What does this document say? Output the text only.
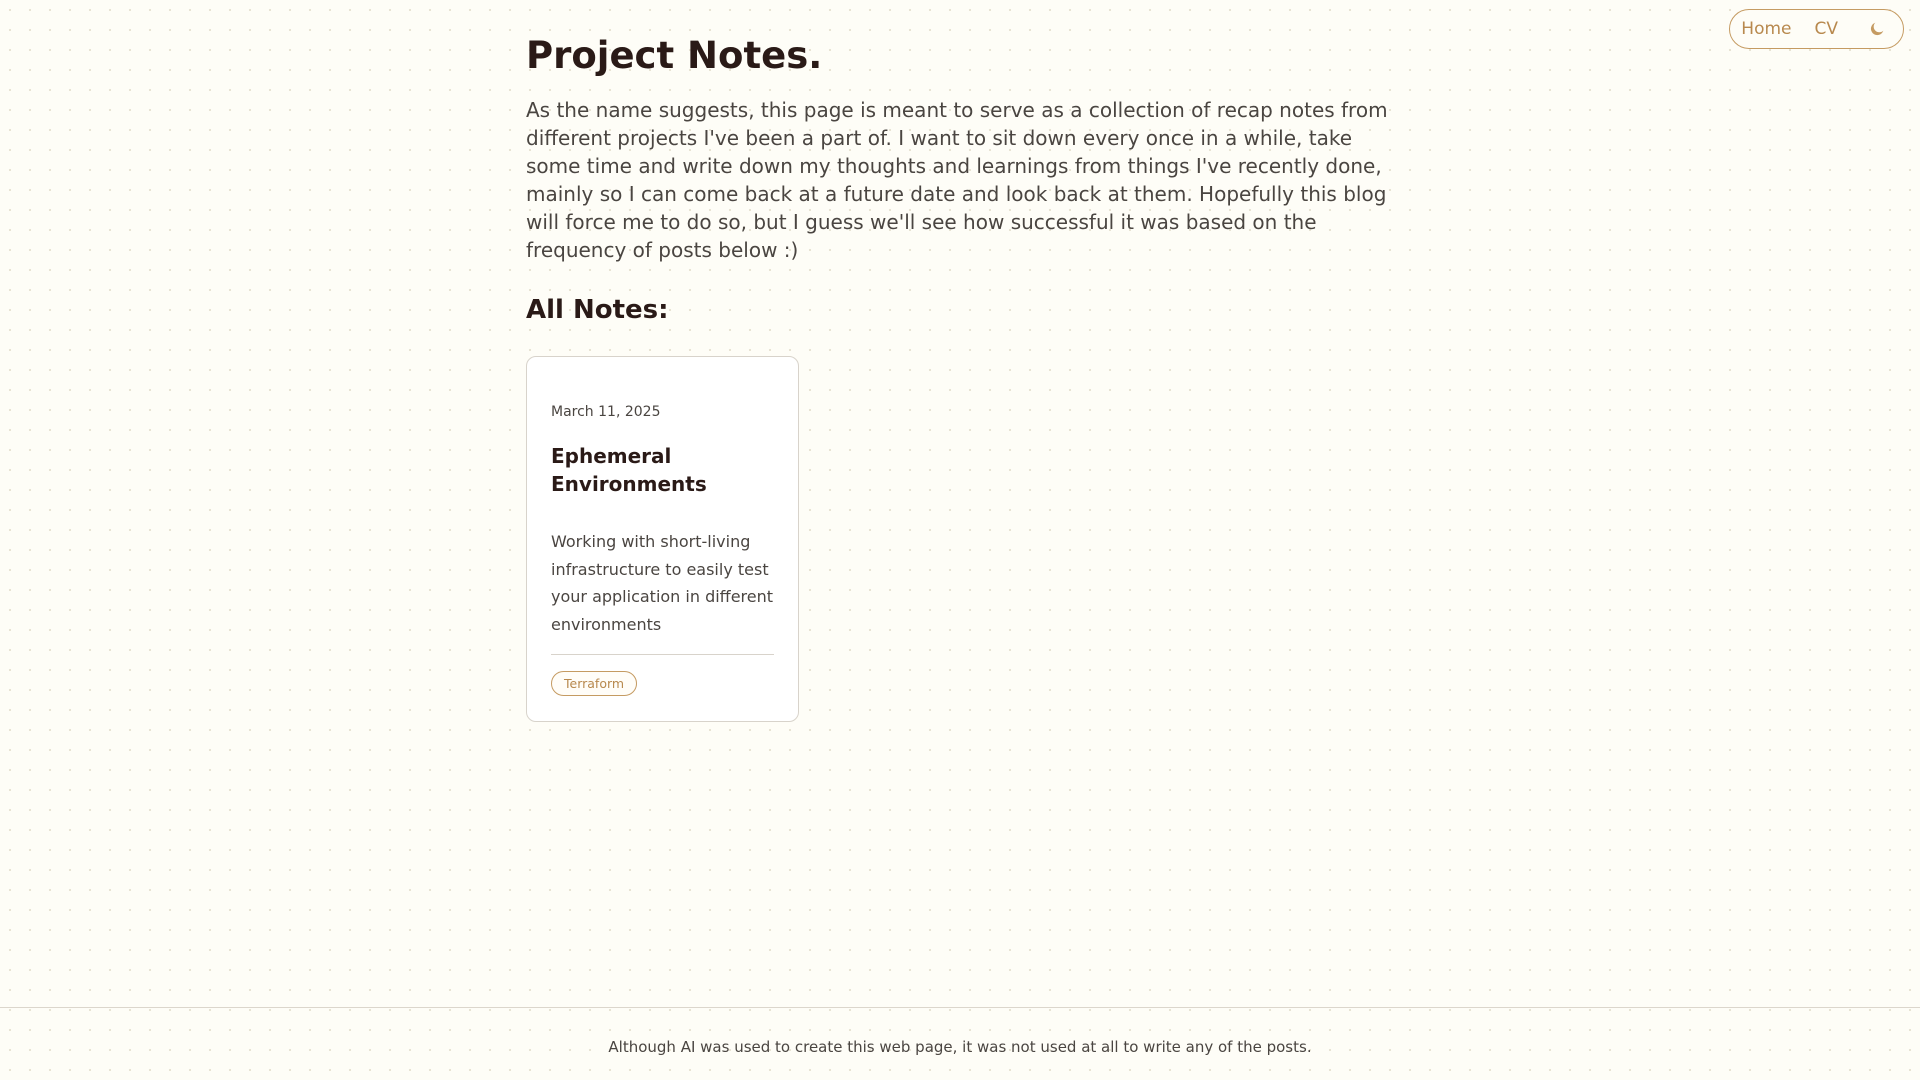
Home CV
Project Notes.

As the name suggests, this page is meant to serve as a collection of recap notes from different projects I've been a part of. I want to sit down every once in a while, take some time and write down my thoughts and learnings from things I've recently done, mainly so I can come back at a future date and look back at them. Hopefully this blog will force me to do so, but I guess we'll see how successful it was based on the frequency of posts below :)

All Notes:
March 11, 2025
Ephemeral Environments
Working with short-living infrastructure to easily test your application in different environments
Terraform
Although AI was used to create this web page, it was not used at all to write any of the posts.
